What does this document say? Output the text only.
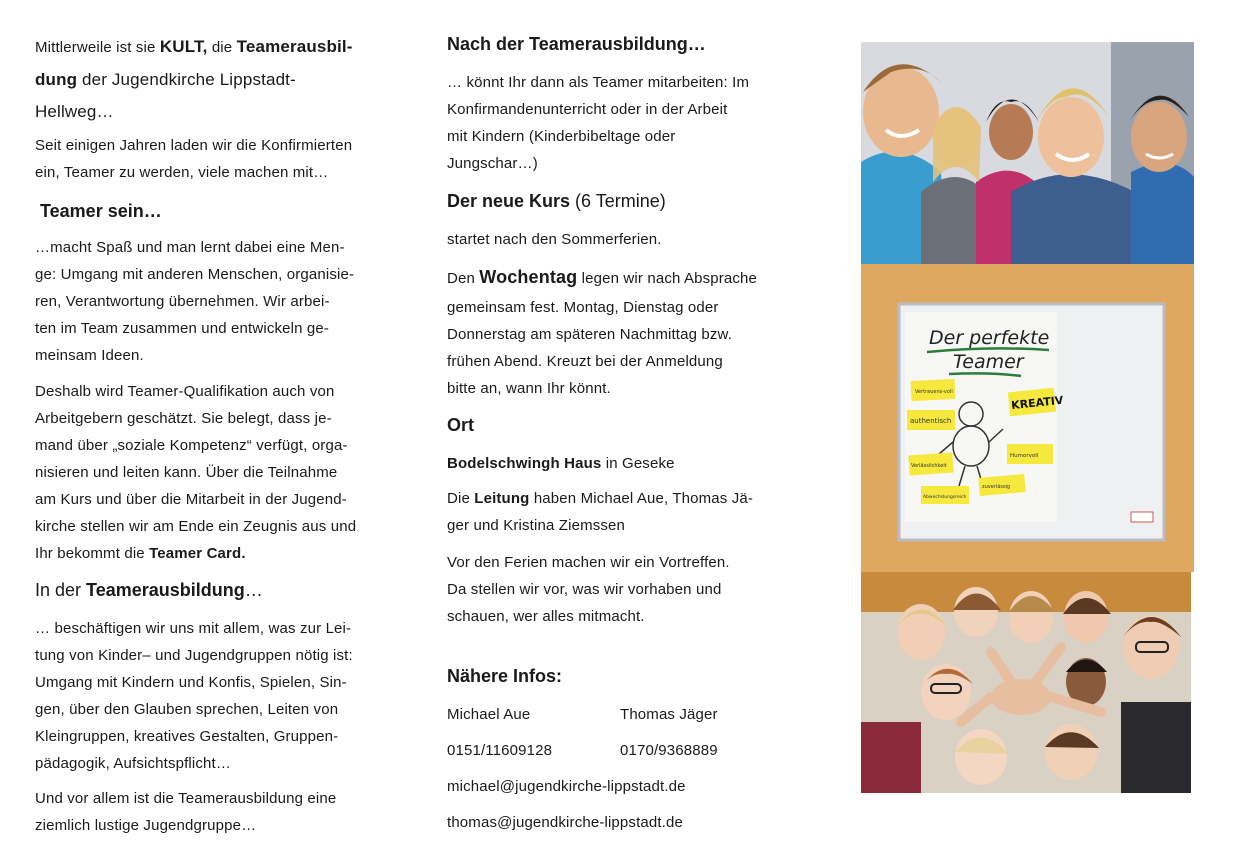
Mittlerweile ist sie KULT, die Teamerausbil-

dung der Jugendkirche Lippstadt-

Hellweg…

Seit einigen Jahren laden wir die Konfirmierten

ein, Teamer zu werden, viele machen mit…

Teamer sein…

…macht Spaß und man lernt dabei eine Men-

ge: Umgang mit anderen Menschen, organisie-

ren, Verantwortung übernehmen. Wir arbei-

ten im Team zusammen und entwickeln ge-

meinsam Ideen.

Deshalb wird Teamer-Qualifikation auch von

Arbeitgebern geschätzt. Sie belegt, dass je-

mand über „soziale Kompetenz“ verfügt, orga-

nisieren und leiten kann. Über die Teilnahme

am Kurs und über die Mitarbeit in der Jugend-

kirche stellen wir am Ende ein Zeugnis aus und

Ihr bekommt die Teamer Card.

In der Teamerausbildung…

… beschäftigen wir uns mit allem, was zur Lei-

tung von Kinder– und Jugendgruppen nötig ist:

Umgang mit Kindern und Konfis, Spielen, Sin-

gen, über den Glauben sprechen, Leiten von

Kleingruppen, kreatives Gestalten, Gruppen-

pädagogik, Aufsichtspflicht…

Und vor allem ist die Teamerausbildung eine

ziemlich lustige Jugendgruppe…

Nach der Teamerausbildung…

… könnt Ihr dann als Teamer mitarbeiten: Im

Konfirmandenunterricht oder in der Arbeit

mit Kindern (Kinderbibeltage oder

Jungschar…)

Der neue Kurs (6 Termine)

startet nach den Sommerferien.

Den Wochentag legen wir nach Absprache

gemeinsam fest. Montag, Dienstag oder

Donnerstag am späteren Nachmittag bzw.

frühen Abend. Kreuzt bei der Anmeldung

bitte an, wann Ihr könnt.

Ort

Bodelschwingh Haus in Geseke

Die Leitung haben Michael Aue, Thomas Jä-

ger und Kristina Ziemssen

Vor den Ferien machen wir ein Vortreffen.

Da stellen wir vor, was wir vorhaben und

schauen, wer alles mitmacht.

Nähere Infos:

Michael Aue	Thomas Jäger

0151/11609128	0170/9368889

michael@jugendkirche-lippstadt.de

thomas@jugendkirche-lippstadt.de

Der perfekte
Teamer
Vertrauens-voll
authentisch
Verlässlichkeit
Abwechslungsreich
Humorvoll
zuverlässig
KREATIV
